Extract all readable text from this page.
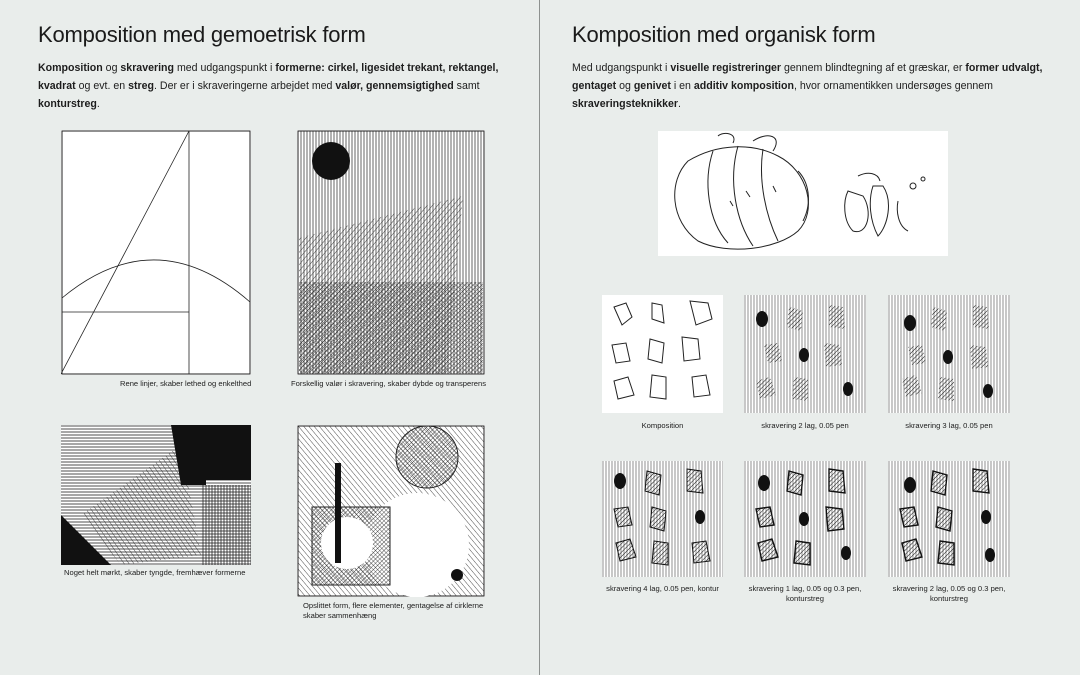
Komposition med gemoetrisk form

Komposition og skravering med udgangspunkt i formerne: cirkel, ligesidet trekant, rektangel, kvadrat og evt. en streg. Der er i skraveringerne arbejdet med valør, gennemsigtighed samt konturstreg.

Rene linjer, skaber lethed og enkelthed	Forskellig valør i skravering, skaber dybde og transperens
Noget helt mørkt, skaber tyngde, fremhæver formerne
Opslittet form, flere elementer, gentagelse af cirklerne skaber sammenhæng
Komposition med organisk form

Med udgangspunkt i visuelle registreringer gennem blindtegning af et græskar, er former udvalgt, gentaget og genivet i en additiv komposition, hvor ornamentikken undersøges gennem skraveringsteknikker.

Komposition	skravering 2 lag, 0.05 pen	skravering 3 lag, 0.05 pen
skravering 4 lag, 0.05 pen, kontur	skravering 1 lag, 0.05 og 0.3 pen, konturstreg
skravering 2 lag, 0.05 og 0.3 pen, konturstreg
